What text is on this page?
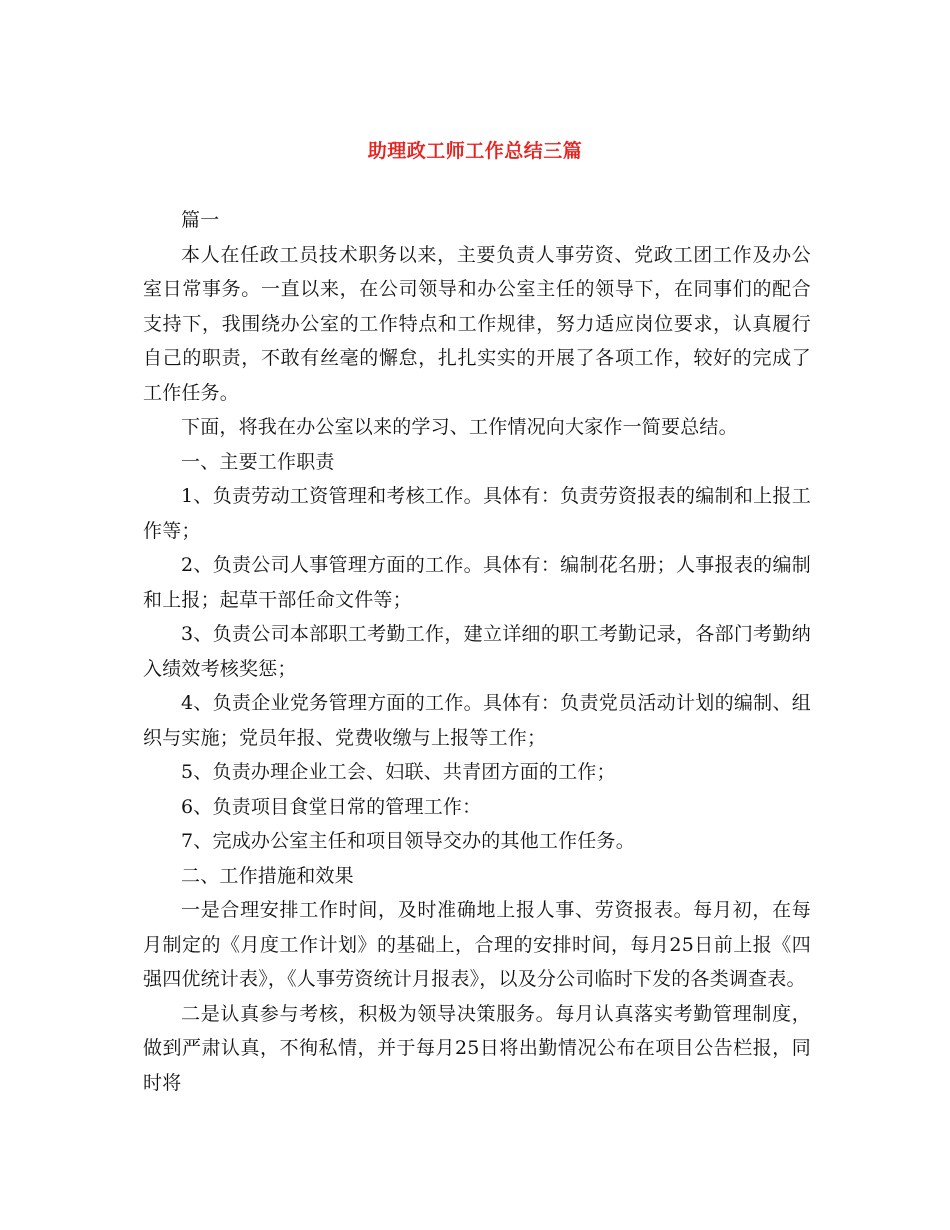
助理政工师工作总结三篇

篇一

本人在任政工员技术职务以来，主要负责人事劳资、党政工团工作及办公室日常事务。一直以来，在公司领导和办公室主任的领导下，在同事们的配合支持下，我围绕办公室的工作特点和工作规律，努力适应岗位要求，认真履行自己的职责，不敢有丝毫的懈怠，扎扎实实的开展了各项工作，较好的完成了工作任务。

下面，将我在办公室以来的学习、工作情况向大家作一简要总结。

一、主要工作职责

1、负责劳动工资管理和考核工作。具体有：负责劳资报表的编制和上报工作等；

2、负责公司人事管理方面的工作。具体有：编制花名册；人事报表的编制和上报；起草干部任命文件等；

3、负责公司本部职工考勤工作，建立详细的职工考勤记录，各部门考勤纳入绩效考核奖惩；

4、负责企业党务管理方面的工作。具体有：负责党员活动计划的编制、组织与实施；党员年报、党费收缴与上报等工作；

5、负责办理企业工会、妇联、共青团方面的工作；

6、负责项目食堂日常的管理工作：

7、完成办公室主任和项目领导交办的其他工作任务。

二、工作措施和效果

一是合理安排工作时间，及时准确地上报人事、劳资报表。每月初，在每月制定的《月度工作计划》的基础上，合理的安排时间，每月25日前上报《四强四优统计表》，《人事劳资统计月报表》，以及分公司临时下发的各类调查表。

二是认真参与考核，积极为领导决策服务。每月认真落实考勤管理制度，做到严肃认真，不徇私情，并于每月25日将出勤情况公布在项目公告栏报，同时将
